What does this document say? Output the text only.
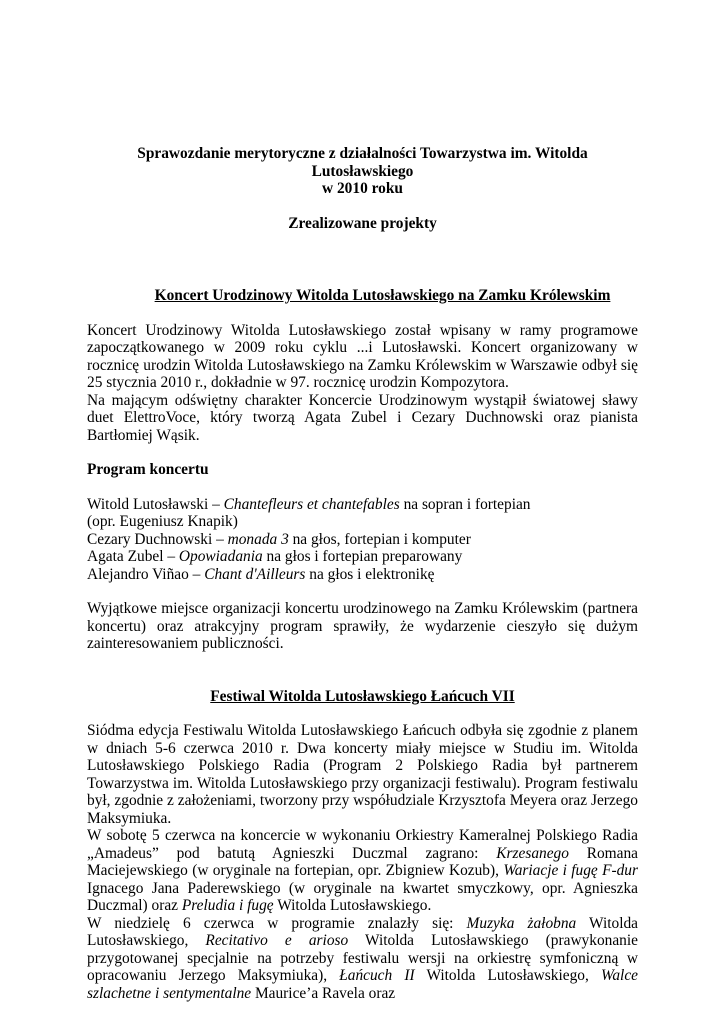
Sprawozdanie merytoryczne z działalności Towarzystwa im. Witolda Lutosławskiego

w 2010 roku

Zrealizowane projekty

Koncert Urodzinowy Witolda Lutosławskiego na Zamku Królewskim

Koncert Urodzinowy Witolda Lutosławskiego został wpisany w ramy programowe zapoczątkowanego w 2009 roku cyklu ...i Lutosławski. Koncert organizowany w rocznicę urodzin Witolda Lutosławskiego na Zamku Królewskim w Warszawie odbył się 25 stycznia 2010 r., dokładnie w 97. rocznicę urodzin Kompozytora.

Na mającym odświętny charakter Koncercie Urodzinowym wystąpił światowej sławy duet ElettroVoce, który tworzą Agata Zubel i Cezary Duchnowski oraz pianista Bartłomiej Wąsik.

Program koncertu

Witold Lutosławski – Chantefleurs et chantefables na sopran i fortepian

(opr. Eugeniusz Knapik)

Cezary Duchnowski – monada 3 na głos, fortepian i komputer

Agata Zubel – Opowiadania na głos i fortepian preparowany

Alejandro Viñao – Chant d'Ailleurs na głos i elektronikę

Wyjątkowe miejsce organizacji koncertu urodzinowego na Zamku Królewskim (partnera koncertu) oraz atrakcyjny program sprawiły, że wydarzenie cieszyło się dużym zainteresowaniem publiczności.

Festiwal Witolda Lutosławskiego Łańcuch VII

Siódma edycja Festiwalu Witolda Lutosławskiego Łańcuch odbyła się zgodnie z planem w dniach 5-6 czerwca 2010 r. Dwa koncerty miały miejsce w Studiu im. Witolda Lutosławskiego Polskiego Radia (Program 2 Polskiego Radia był partnerem Towarzystwa im. Witolda Lutosławskiego przy organizacji festiwalu). Program festiwalu był, zgodnie z założeniami, tworzony przy współudziale Krzysztofa Meyera oraz Jerzego Maksymiuka.

W sobotę 5 czerwca na koncercie w wykonaniu Orkiestry Kameralnej Polskiego Radia „Amadeus” pod batutą Agnieszki Duczmal zagrano: Krzesanego Romana Maciejewskiego (w oryginale na fortepian, opr. Zbigniew Kozub), Wariacje i fugę F-dur Ignacego Jana Paderewskiego (w oryginale na kwartet smyczkowy, opr. Agnieszka Duczmal) oraz Preludia i fugę Witolda Lutosławskiego.

W niedzielę 6 czerwca w programie znalazły się: Muzyka żałobna Witolda Lutosławskiego, Recitativo e arioso Witolda Lutosławskiego (prawykonanie przygotowanej specjalnie na potrzeby festiwalu wersji na orkiestrę symfoniczną w opracowaniu Jerzego Maksymiuka), Łańcuch II Witolda Lutosławskiego, Walce szlachetne i sentymentalne Maurice’a Ravela oraz
